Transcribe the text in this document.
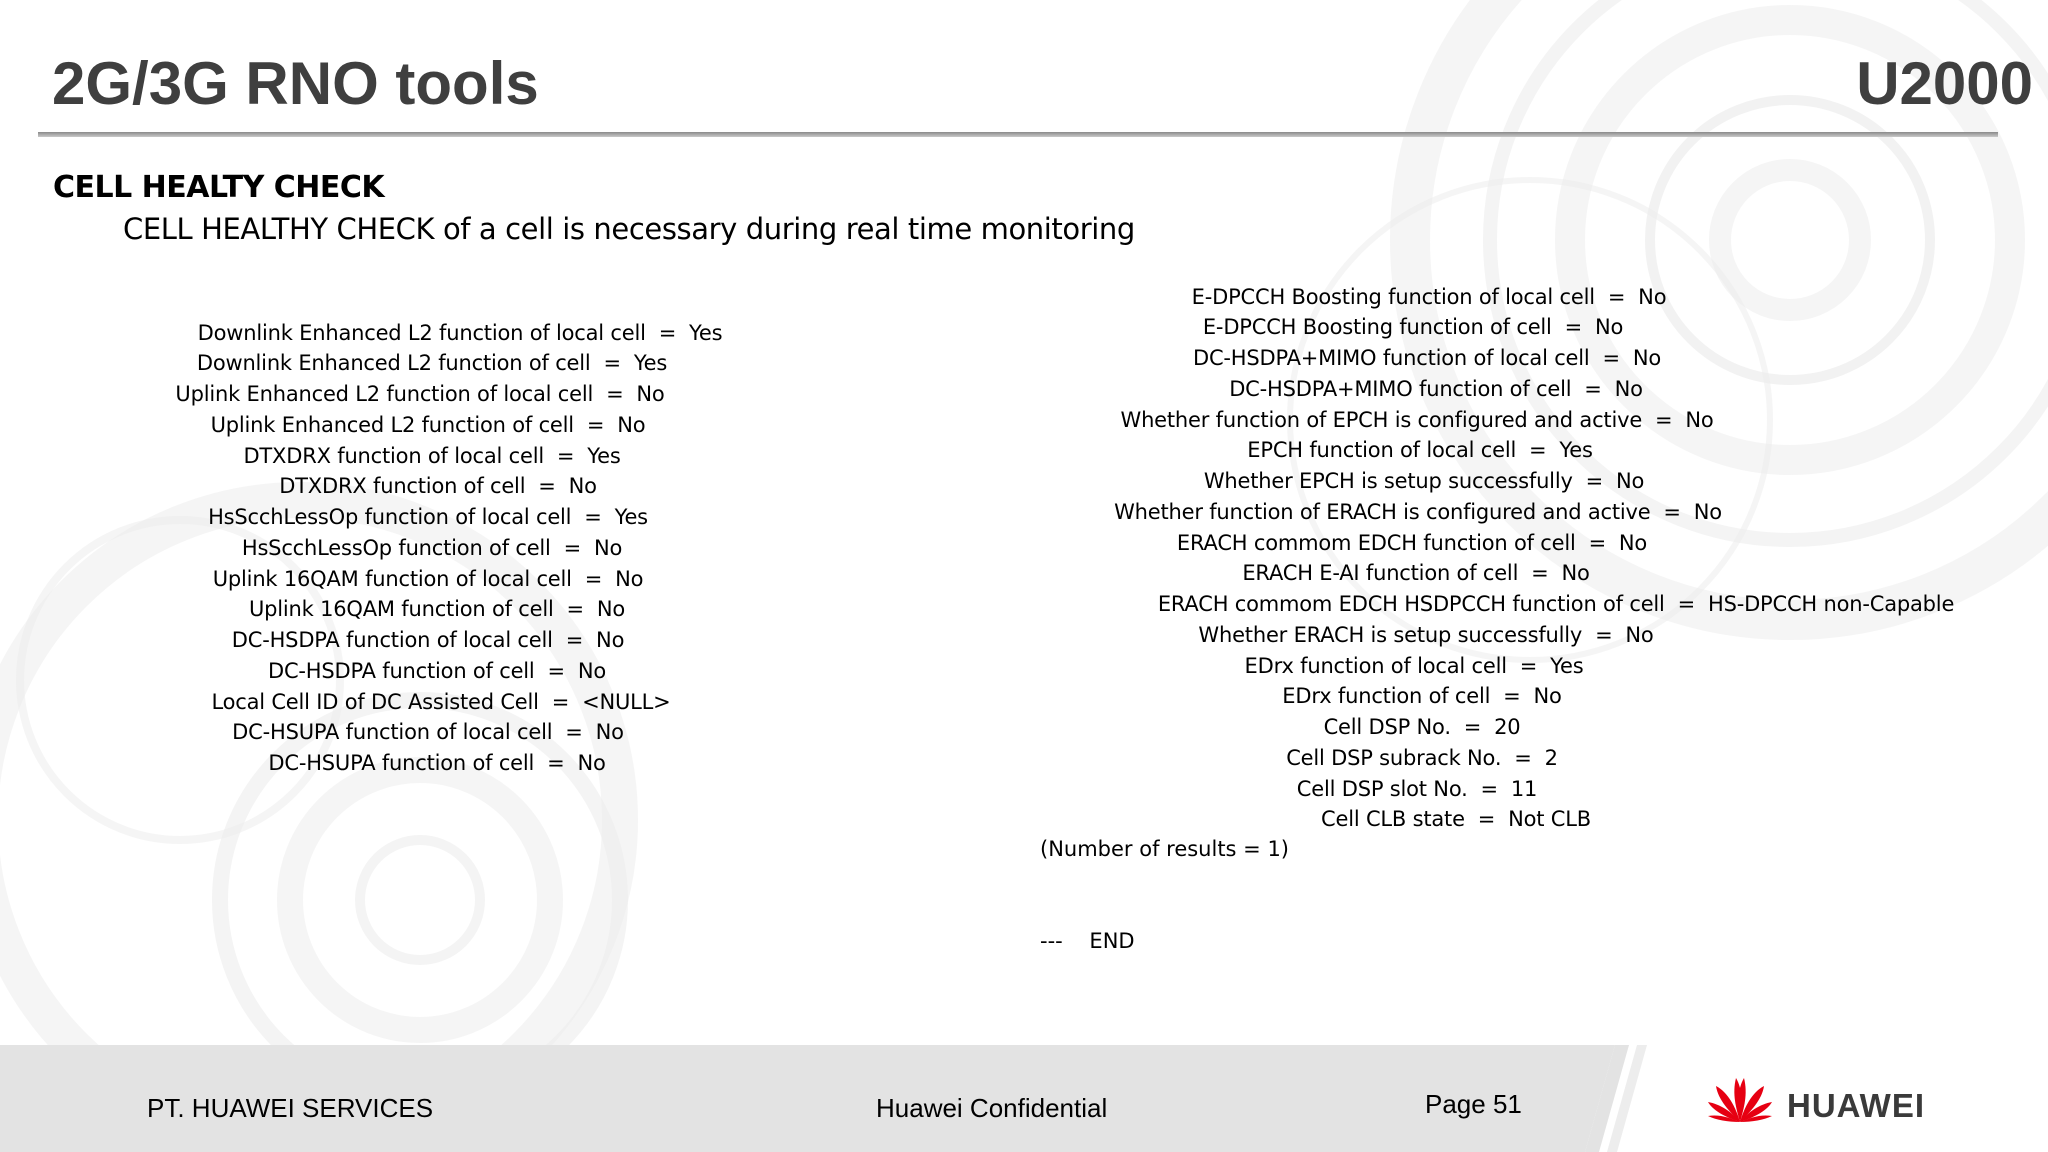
2G/3G RNO tools	U2000
CELL HEALTY CHECK
CELL HEALTHY CHECK of a cell is necessary during real time monitoring
Downlink Enhanced L2 function of local cell  =  Yes
Downlink Enhanced L2 function of cell  =  Yes
Uplink Enhanced L2 function of local cell  =  No
Uplink Enhanced L2 function of cell  =  No
DTXDRX function of local cell  =  Yes
DTXDRX function of cell  =  No
HsScchLessOp function of local cell  =  Yes
HsScchLessOp function of cell  =  No
Uplink 16QAM function of local cell  =  No
Uplink 16QAM function of cell  =  No
DC-HSDPA function of local cell  =  No
DC-HSDPA function of cell  =  No
Local Cell ID of DC Assisted Cell  =  <NULL>
DC-HSUPA function of local cell  =  No
DC-HSUPA function of cell  =  No
E-DPCCH Boosting function of local cell  =  No
E-DPCCH Boosting function of cell  =  No
DC-HSDPA+MIMO function of local cell  =  No
DC-HSDPA+MIMO function of cell  =  No
Whether function of EPCH is configured and active  =  No
EPCH function of local cell  =  Yes
Whether EPCH is setup successfully  =  No
Whether function of ERACH is configured and active  =  No
ERACH commom EDCH function of cell  =  No
ERACH E-AI function of cell  =  No
ERACH commom EDCH HSDPCCH function of cell  =  HS-DPCCH non-Capable
Whether ERACH is setup successfully  =  No
EDrx function of local cell  =  Yes
EDrx function of cell  =  No
Cell DSP No.  =  20
Cell DSP subrack No.  =  2
Cell DSP slot No.  =  11
Cell CLB state  =  Not CLB
(Number of results = 1)
---    END
PT. HUAWEI SERVICES	Huawei Confidential	Page 51	HUAWEI
